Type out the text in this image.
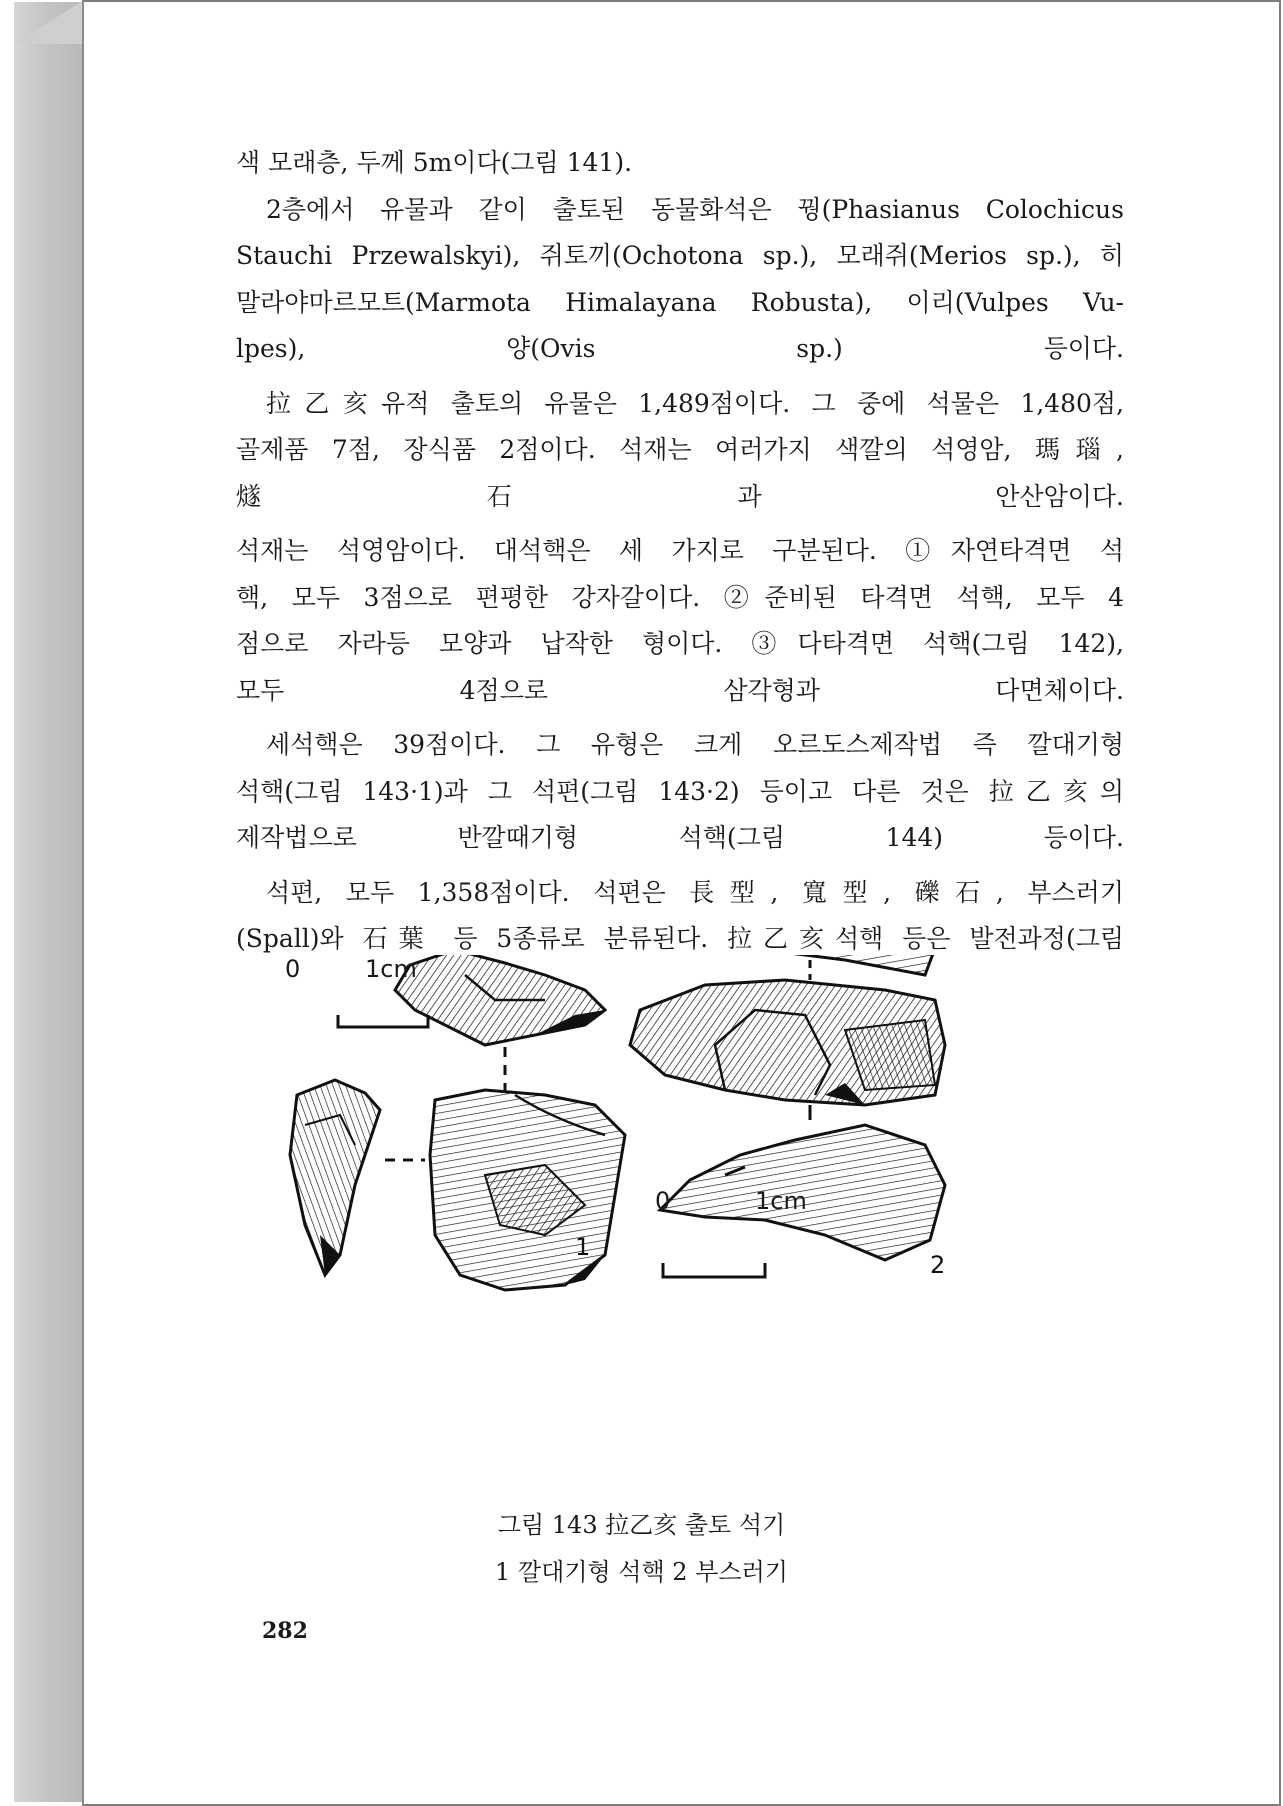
색 모래층, 두께 5m이다(그림 141).

2층에서 유물과 같이 출토된 동물화석은 꿩(Phasianus Colochicus
Stauchi Przewalskyi), 쥐토끼(Ochotona sp.), 모래쥐(Merios sp.), 히
말라야마르모트(Marmota Himalayana Robusta), 이리(Vulpes Vu-
lpes), 양(Ovis sp.) 등이다.

拉乙亥유적 출토의 유물은 1,489점이다. 그 중에 석물은 1,480점,
골제품 7점, 장식품 2점이다. 석재는 여러가지 색깔의 석영암, 瑪瑙,
燧石과 안산암이다.

석재는 석영암이다. 대석핵은 세 가지로 구분된다. ①자연타격면 석
핵, 모두 3점으로 편평한 강자갈이다. ②준비된 타격면 석핵, 모두 4
점으로 자라등 모양과 납작한 형이다. ③다타격면 석핵(그림 142),
모두 4점으로 삼각형과 다면체이다.

세석핵은 39점이다. 그 유형은 크게 오르도스제작법 즉 깔대기형
석핵(그림 143·1)과 그 석편(그림 143·2) 등이고 다른 것은 拉乙亥의
제작법으로 반깔때기형 석핵(그림 144) 등이다.

석편, 모두 1,358점이다. 석편은 長型, 寬型, 礫石, 부스러기
(Spall)와 石葉 등 5종류로 분류된다. 拉乙亥석핵 등은 발전과정(그림

1
2
0	1cm
0	1cm
그림 143 拉乙亥 출토 석기
1 깔대기형 석핵 2 부스러기
282
